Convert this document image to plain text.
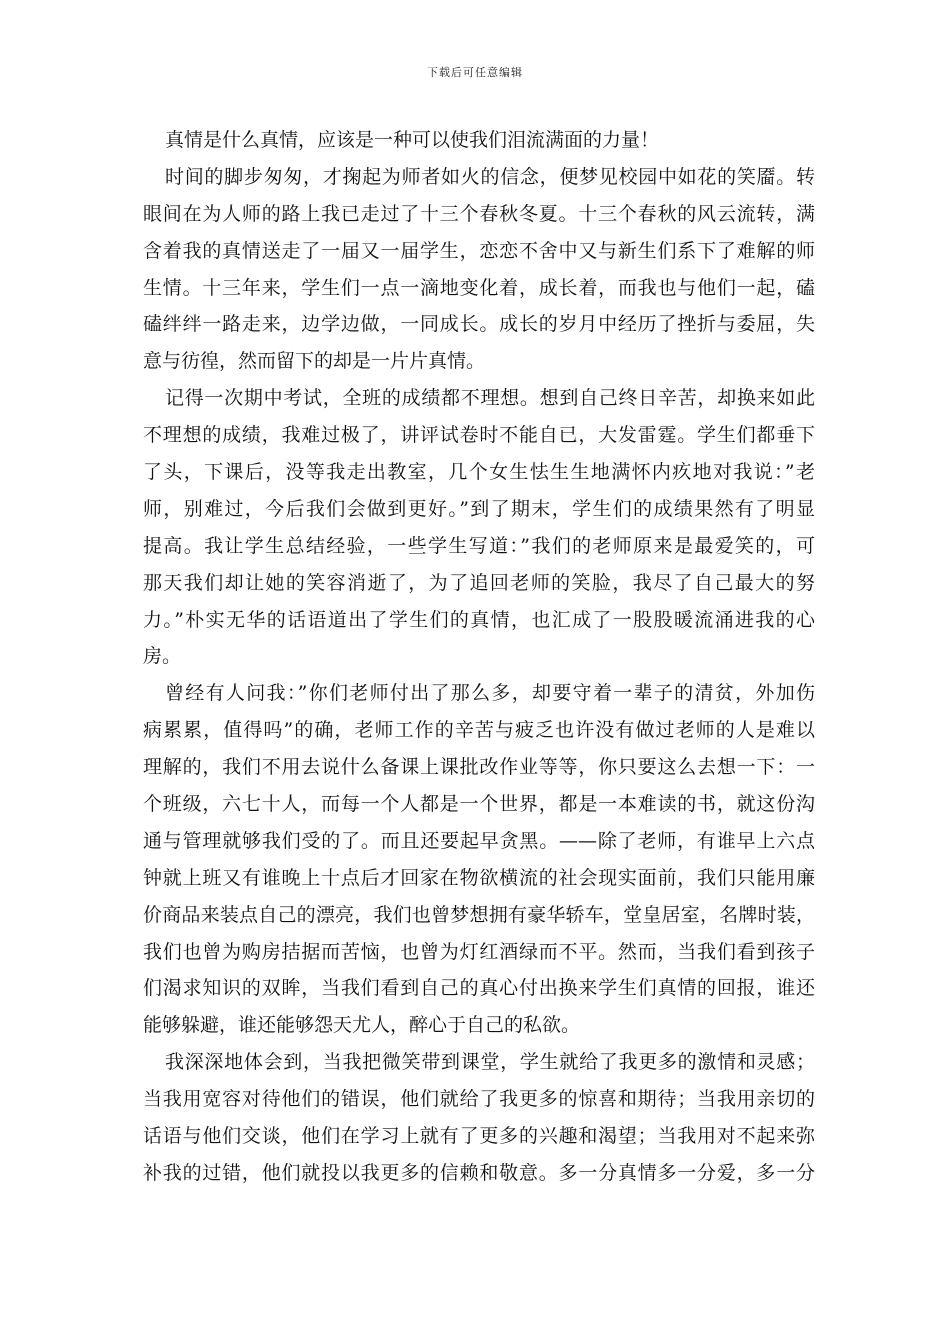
下载后可任意编辑
真情是什么真情，应该是一种可以使我们泪流满面的力量！
时间的脚步匆匆，才掬起为师者如火的信念，便梦见校园中如花的笑靥。转
眼间在为人师的路上我已走过了十三个春秋冬夏。十三个春秋的风云流转，满
含着我的真情送走了一届又一届学生，恋恋不舍中又与新生们系下了难解的师
生情。十三年来，学生们一点一滴地变化着，成长着，而我也与他们一起，磕
磕绊绊一路走来，边学边做，一同成长。成长的岁月中经历了挫折与委屈，失
意与彷徨，然而留下的却是一片片真情。
记得一次期中考试，全班的成绩都不理想。想到自己终日辛苦，却换来如此
不理想的成绩，我难过极了，讲评试卷时不能自已，大发雷霆。学生们都垂下
了头，下课后，没等我走出教室，几个女生怯生生地满怀内疚地对我说：”老
师，别难过，今后我们会做到更好。”到了期末，学生们的成绩果然有了明显
提高。我让学生总结经验，一些学生写道：”我们的老师原来是最爱笑的，可
那天我们却让她的笑容消逝了，为了追回老师的笑脸，我尽了自己最大的努
力。”朴实无华的话语道出了学生们的真情，也汇成了一股股暖流涌进我的心
房。
曾经有人问我：”你们老师付出了那么多，却要守着一辈子的清贫，外加伤
病累累，值得吗”的确，老师工作的辛苦与疲乏也许没有做过老师的人是难以
理解的，我们不用去说什么备课上课批改作业等等，你只要这么去想一下：一
个班级，六七十人，而每一个人都是一个世界，都是一本难读的书，就这份沟
通与管理就够我们受的了。而且还要起早贪黑。——除了老师，有谁早上六点
钟就上班又有谁晚上十点后才回家在物欲横流的社会现实面前，我们只能用廉
价商品来装点自己的漂亮，我们也曾梦想拥有豪华轿车，堂皇居室，名牌时装，
我们也曾为购房拮据而苦恼，也曾为灯红酒绿而不平。然而，当我们看到孩子
们渴求知识的双眸，当我们看到自己的真心付出换来学生们真情的回报，谁还
能够躲避，谁还能够怨天尤人，醉心于自己的私欲。
我深深地体会到，当我把微笑带到课堂，学生就给了我更多的激情和灵感；
当我用宽容对待他们的错误，他们就给了我更多的惊喜和期待；当我用亲切的
话语与他们交谈，他们在学习上就有了更多的兴趣和渴望；当我用对不起来弥
补我的过错，他们就投以我更多的信赖和敬意。多一分真情多一分爱，多一分
